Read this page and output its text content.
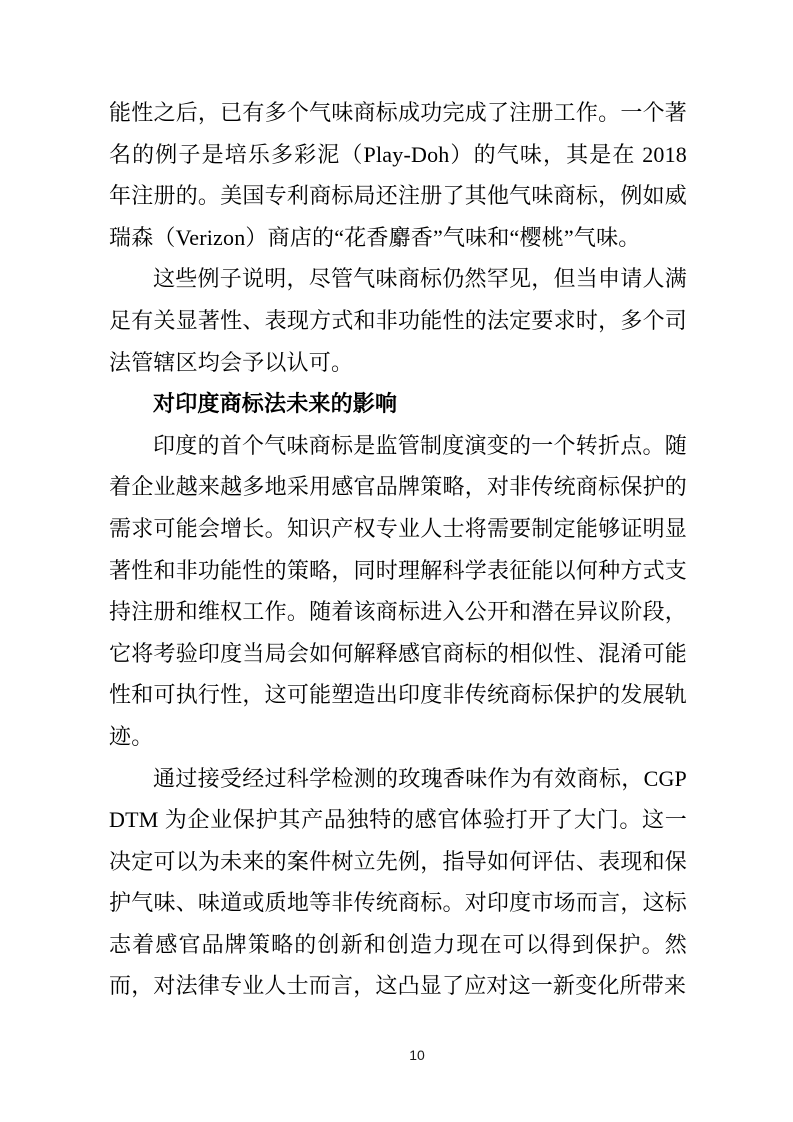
能性之后，已有多个气味商标成功完成了注册工作。一个著名的例子是培乐多彩泥（Play-Doh）的气味，其是在 2018 年注册的。美国专利商标局还注册了其他气味商标，例如威瑞森（Verizon）商店的“花香麝香”气味和“樱桃”气味。

这些例子说明，尽管气味商标仍然罕见，但当申请人满足有关显著性、表现方式和非功能性的法定要求时，多个司法管辖区均会予以认可。

对印度商标法未来的影响

印度的首个气味商标是监管制度演变的一个转折点。随着企业越来越多地采用感官品牌策略，对非传统商标保护的需求可能会增长。知识产权专业人士将需要制定能够证明显著性和非功能性的策略，同时理解科学表征能以何种方式支持注册和维权工作。随着该商标进入公开和潜在异议阶段，它将考验印度当局会如何解释感官商标的相似性、混淆可能性和可执行性，这可能塑造出印度非传统商标保护的发展轨迹。

通过接受经过科学检测的玫瑰香味作为有效商标，CGPDTM 为企业保护其产品独特的感官体验打开了大门。这一决定可以为未来的案件树立先例，指导如何评估、表现和保护气味、味道或质地等非传统商标。对印度市场而言，这标志着感官品牌策略的创新和创造力现在可以得到保护。然而，对法律专业人士而言，这凸显了应对这一新变化所带来

10
